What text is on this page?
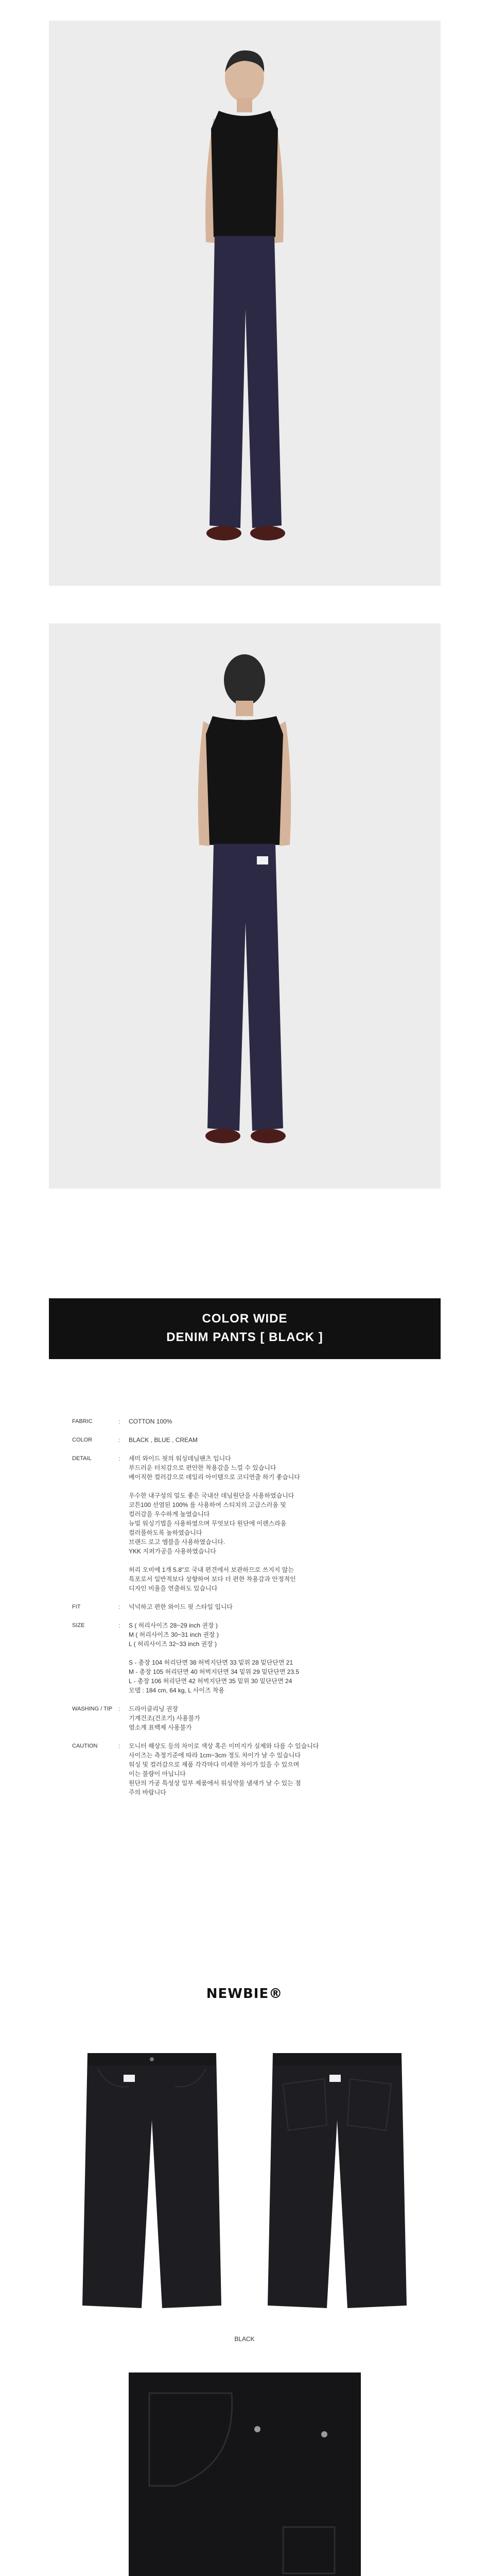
COLOR WIDE
DENIM PANTS [ BLACK ]
FABRIC	:	COTTON 100%

COLOR	:	BLACK , BLUE , CREAM

DETAIL	:	세미 와이드 핏의 워싱데님팬츠 입니다

부드러운 터치감으로 편안한 착용감을 느낄 수 있습니다

베이직한 컬러감으로 데일리 아이템으로 코디연출 하기 좋습니다

우수한 내구성의 밀도 좋은 국내산 데님원단을 사용하였습니다

코튼100 선염된 100% 를 사용하여 스티치의 고급스러움 및

컬러감을 우수하게 높였습니다

뉴빌 워싱기법을 사용하였으며 무엇보다 원단에 이렌스라움

컬러풀하도록 높하였습니다

브랜드 로고 엠블을 사용하였습니다.

YKK 지퍼가공을 사용하였습니다

허리 오비에 1개 5.8"로 국내 편견에서 보관하므로 쓰지지 않는

특포로서 일반적보다 상향하여 보다 더 편한 착용감과 안정적인

디자인 비율을 연출하도 있습니다

FIT	:	넉넉하고 편한 와이드 핏 스타일 입니다

SIZE	:	S ( 허리사이즈 28~29 inch 권장 )

M ( 허리사이즈 30~31 inch 권장 )

L ( 허리사이즈 32~33 inch 권장 )

S - 총장 104 허리단면 38 허벅지단면 33 밑위 28 밑단단면 21

M - 총장 105 허리단면 40 허벅지단면 34 밑위 29 밑단단면 23.5

L - 총장 106 허리단면 42 허벅지단면 35 밑위 30 밑단단면 24

모델 : 184 cm, 64 kg, L 사이즈 착용

WASHING / TIP :	드라이클리닝 권장

기계건조(건조기) 사용불가

염소계 표백제 사용불가

CAUTION	:	모니터 해상도 등의 차이로 색상 혹은 이미지가 실제와 다를 수 있습니다

사이즈는 측정기준에 따라 1cm~3cm 정도 차이가 날 수 있습니다

워싱 및 컬러감으로 제품 각각마다 미세한 차이가 있을 수 있으며

이는 불량이 아닙니다

원단의 가공 특성상 일부 제품에서 워싱약물 냄새가 날 수 있는 점

주의 바랍니다

NEWBIE®
BLACK
